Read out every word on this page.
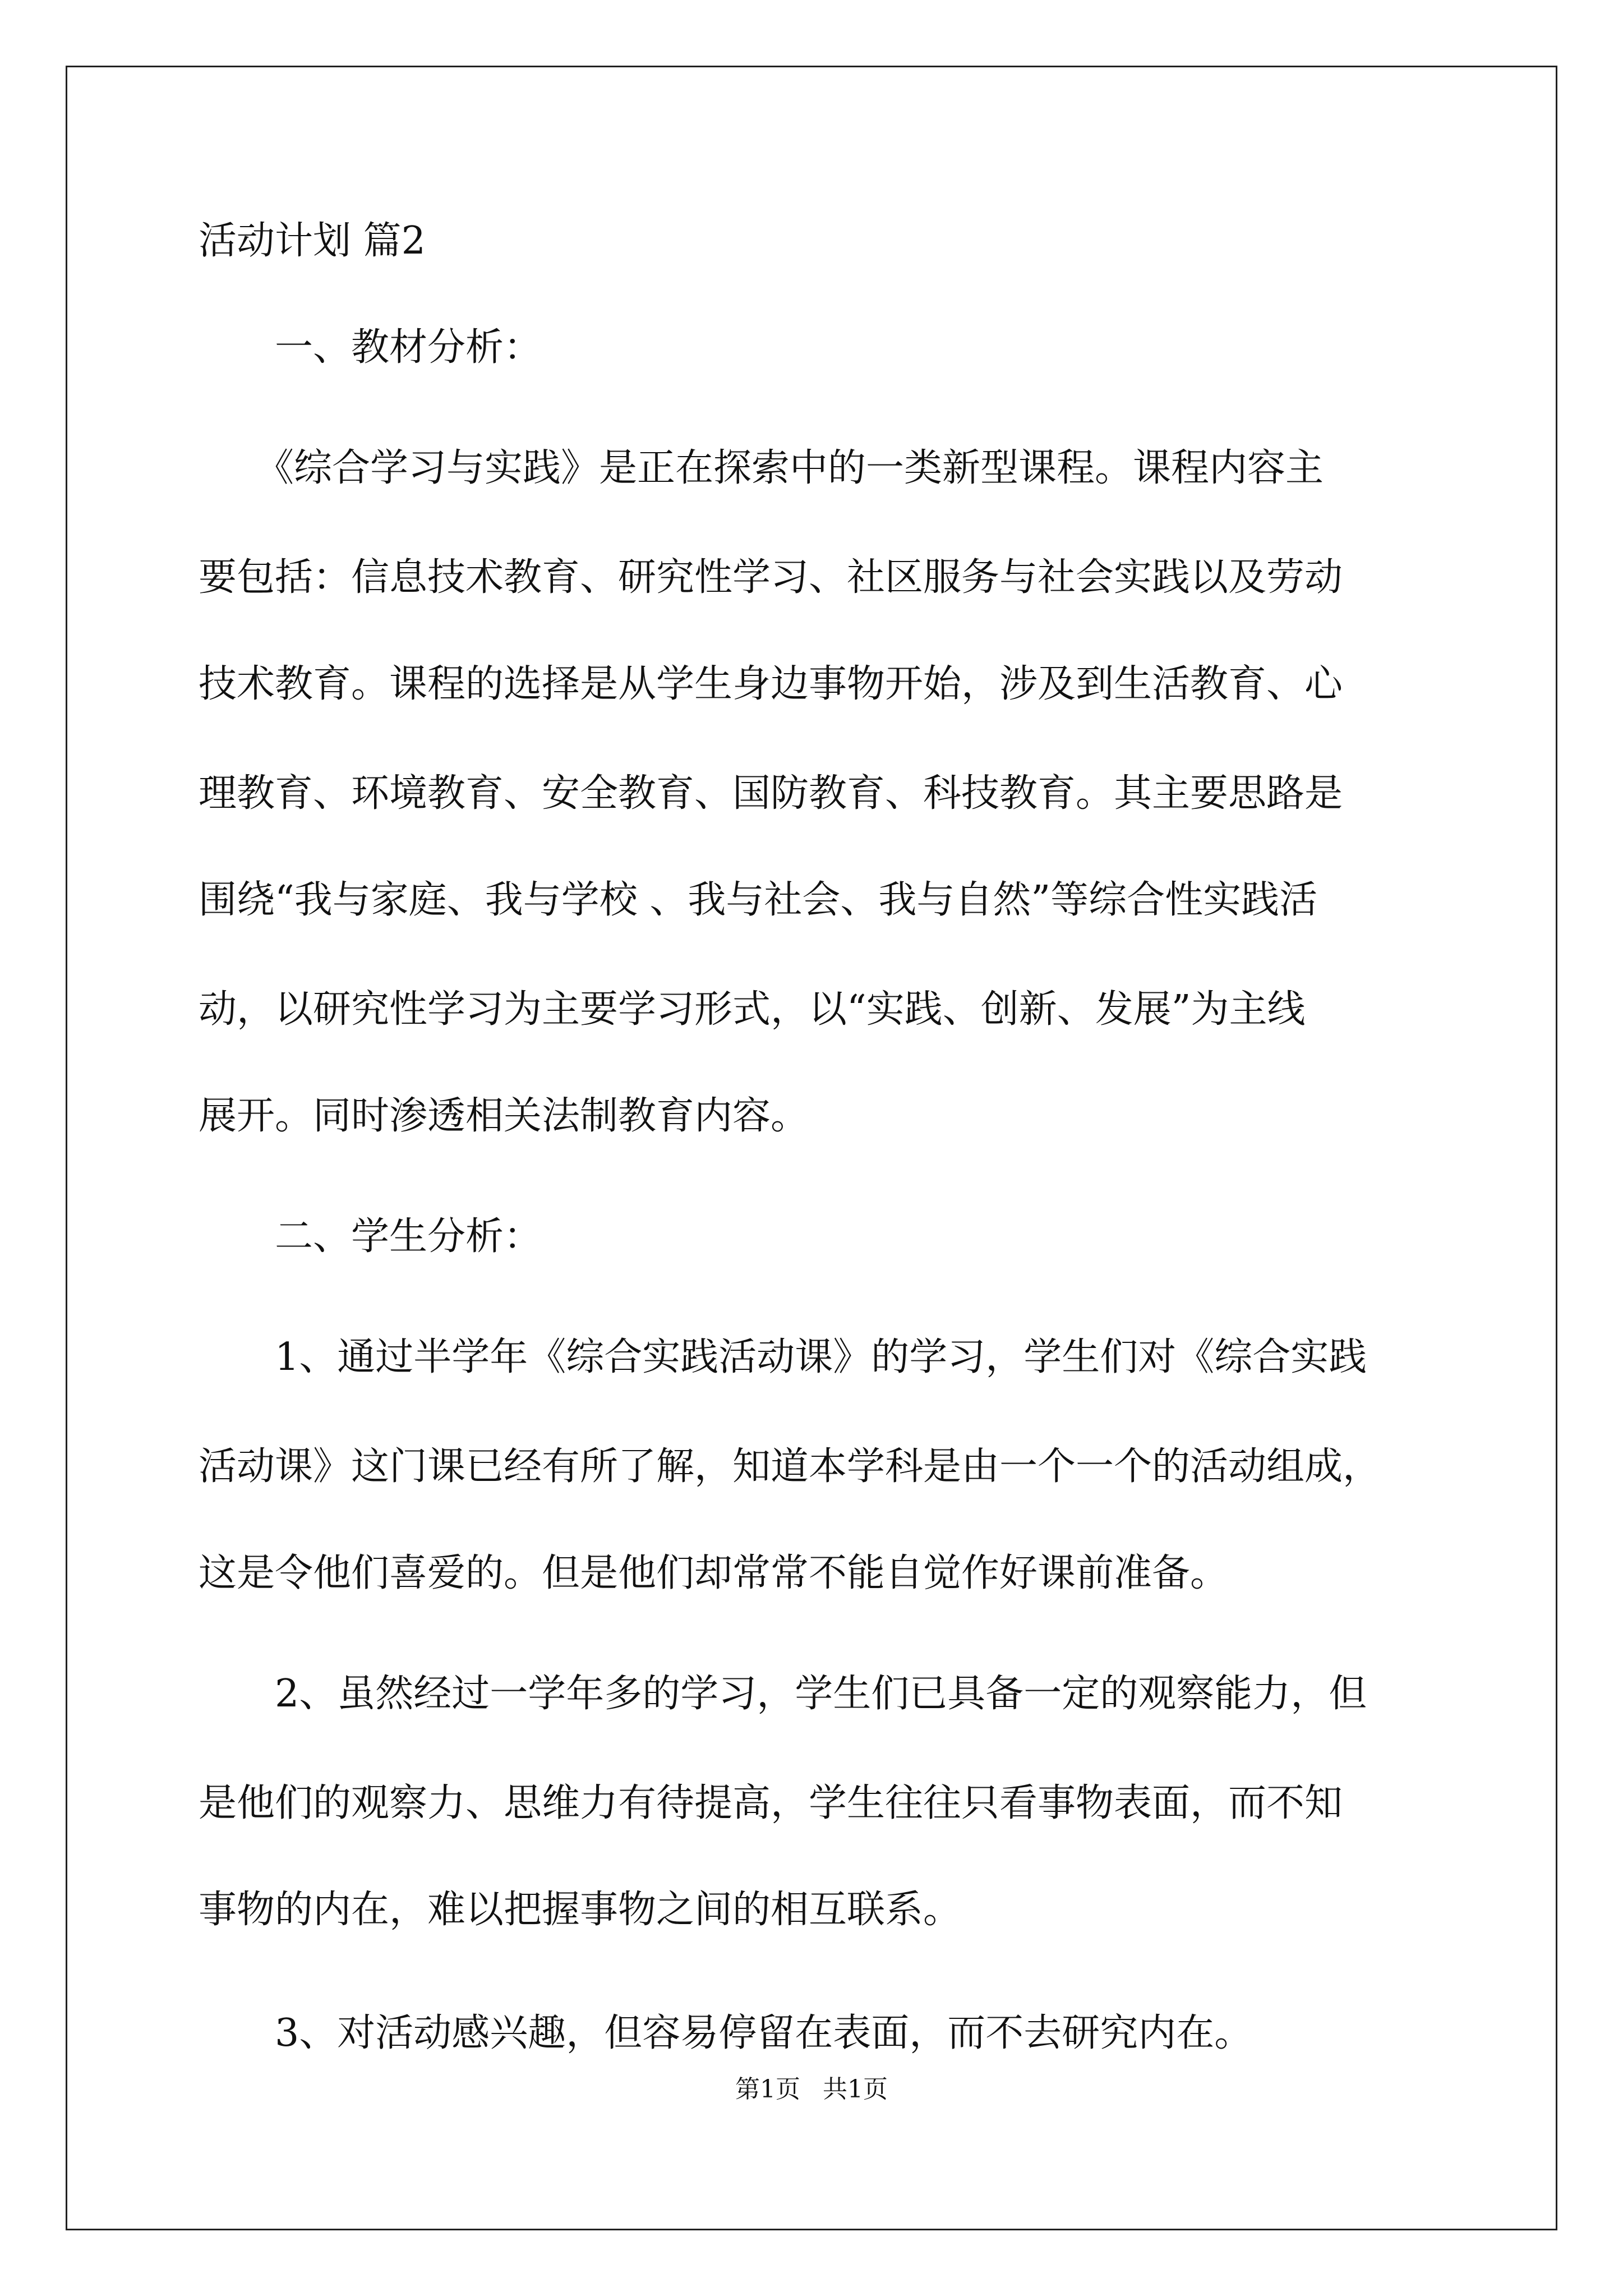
活动计划 篇2
　　一、教材分析：
　　《综合学习与实践》是正在探索中的一类新型课程。课程内容主
要包括：信息技术教育、研究性学习、社区服务与社会实践以及劳动
技术教育。课程的选择是从学生身边事物开始，涉及到生活教育、心
理教育、环境教育、安全教育、国防教育、科技教育。其主要思路是
围绕“我与家庭、我与学校 、我与社会、我与自然”等综合性实践活
动，以研究性学习为主要学习形式，以“实践、创新、发展”为主线
展开。同时渗透相关法制教育内容。
　　二、学生分析：
　　1、通过半学年《综合实践活动课》的学习，学生们对《综合实践
活动课》这门课已经有所了解，知道本学科是由一个一个的活动组成，
这是令他们喜爱的。但是他们却常常不能自觉作好课前准备。
　　2、虽然经过一学年多的学习，学生们已具备一定的观察能力，但
是他们的观察力、思维力有待提高，学生往往只看事物表面，而不知
事物的内在，难以把握事物之间的相互联系。
　　3、对活动感兴趣，但容易停留在表面，而不去研究内在。
第1页 共1页
